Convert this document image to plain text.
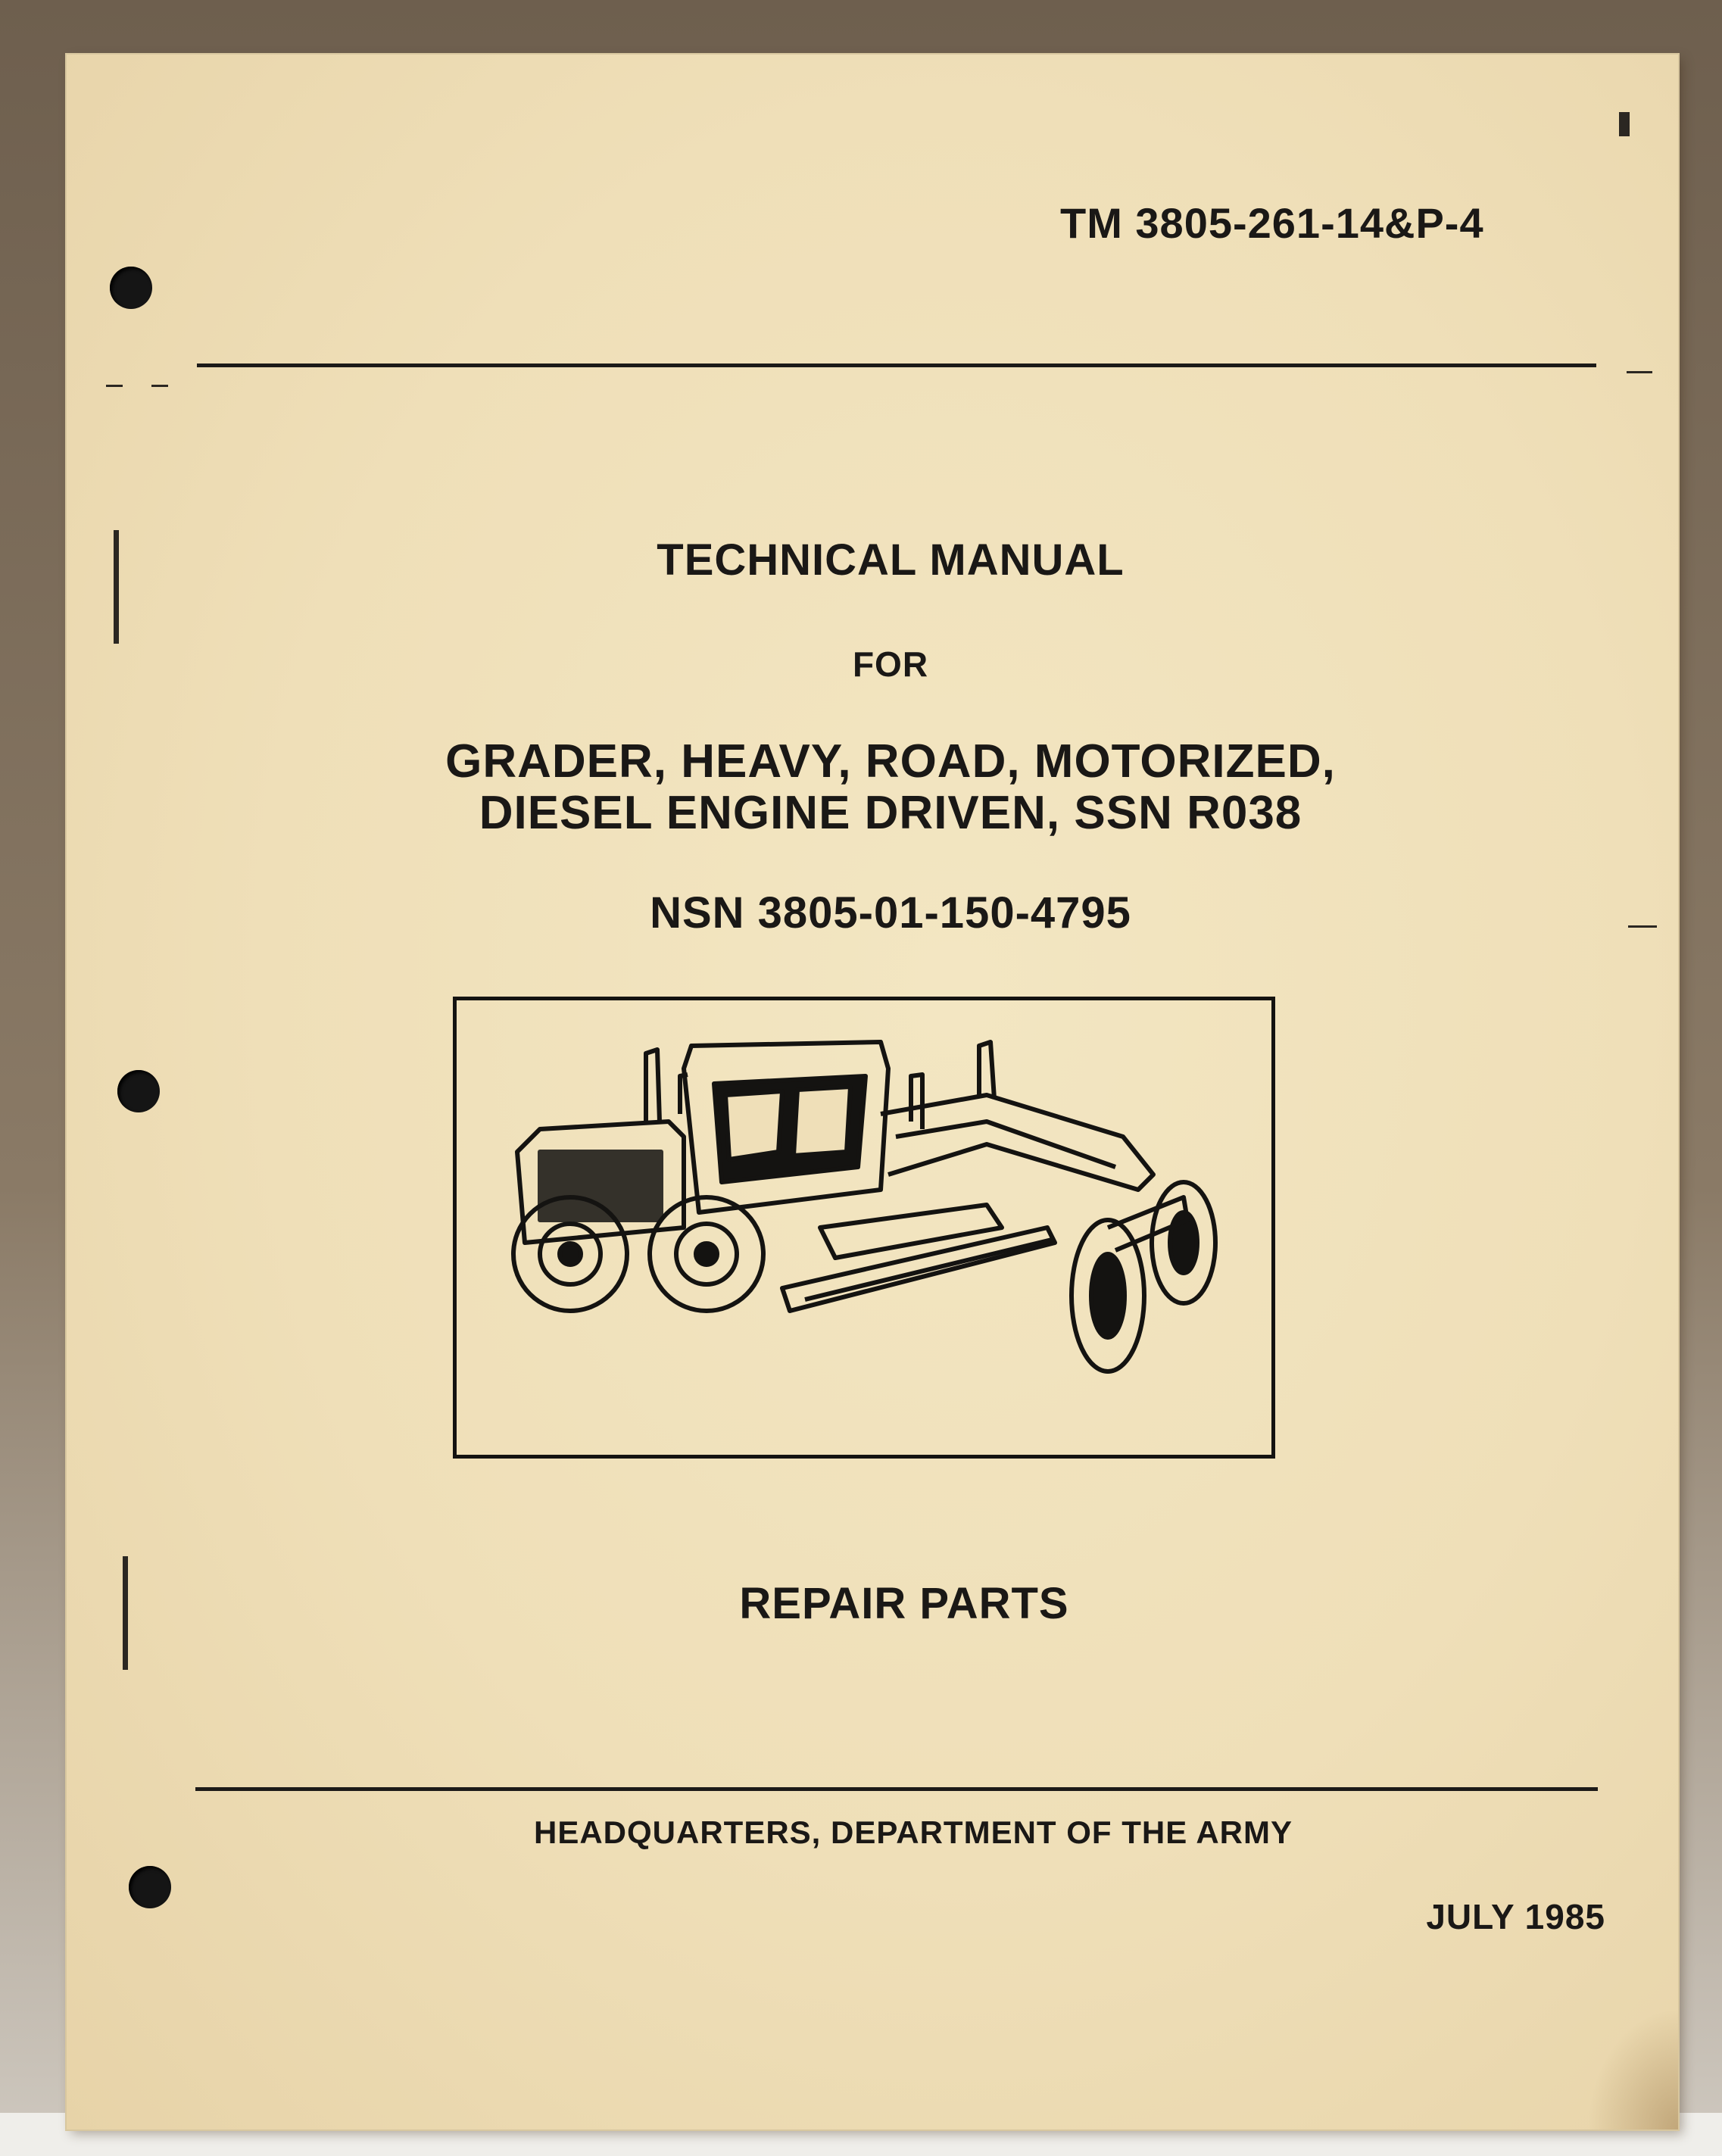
TM 3805-261-14&P-4
TECHNICAL MANUAL
FOR
GRADER, HEAVY, ROAD, MOTORIZED,
DIESEL ENGINE DRIVEN, SSN R038
NSN 3805-01-150-4795
REPAIR PARTS
HEADQUARTERS, DEPARTMENT OF THE ARMY
JULY 1985
